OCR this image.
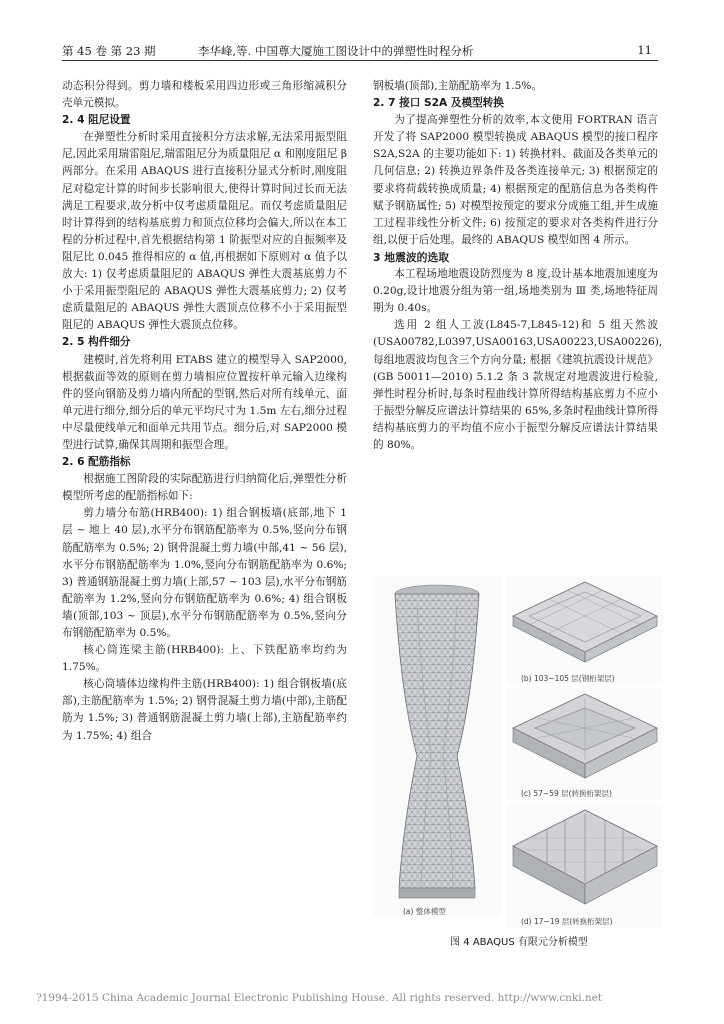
第 45 卷 第 23 期	李华峰,等. 中国尊大厦施工图设计中的弹塑性时程分析	11

动态积分得到。剪力墙和楼板采用四边形或三角形缩减积分壳单元模拟。

2. 4 阻尼设置

在弹塑性分析时采用直接积分方法求解,无法采用振型阻尼,因此采用瑞雷阻尼,瑞雷阻尼分为质量阻尼 α 和刚度阻尼 β 两部分。在采用 ABAQUS 进行直接积分显式分析时,刚度阻尼对稳定计算的时间步长影响很大,使得计算时间过长而无法满足工程要求,故分析中仅考虑质量阻尼。而仅考虑质量阻尼时计算得到的结构基底剪力和顶点位移均会偏大,所以在本工程的分析过程中,首先根据结构第 1 阶振型对应的自振频率及阻尼比 0.045 推得相应的 α 值,再根据如下原则对 α 值予以放大: 1) 仅考虑质量阻尼的 ABAQUS 弹性大震基底剪力不小于采用振型阻尼的 ABAQUS 弹性大震基底剪力; 2) 仅考虑质量阻尼的 ABAQUS 弹性大震顶点位移不小于采用振型阻尼的 ABAQUS 弹性大震顶点位移。

2. 5 构件细分

建模时,首先将利用 ETABS 建立的模型导入 SAP2000,根据截面等效的原则在剪力墙相应位置按杆单元输入边缘构件的竖向钢筋及剪力墙内所配的型钢,然后对所有线单元、面单元进行细分,细分后的单元平均尺寸为 1.5m 左右,细分过程中尽量使线单元和面单元共用节点。细分后,对 SAP2000 模型进行试算,确保其周期和振型合理。

2. 6 配筋指标

根据施工图阶段的实际配筋进行归纳简化后,弹塑性分析模型所考虑的配筋指标如下:

剪力墙分布筋(HRB400): 1) 组合钢板墙(底部,地下 1 层 ~ 地上 40 层),水平分布钢筋配筋率为 0.5%,竖向分布钢筋配筋率为 0.5%; 2) 钢骨混凝土剪力墙(中部,41 ~ 56 层),水平分布钢筋配筋率为 1.0%,竖向分布钢筋配筋率为 0.6%; 3) 普通钢筋混凝土剪力墙(上部,57 ~ 103 层),水平分布钢筋配筋率为 1.2%,竖向分布钢筋配筋率为 0.6%; 4) 组合钢板墙(顶部,103 ~ 顶层),水平分布钢筋配筋率为 0.5%,竖向分布钢筋配筋率为 0.5%。

核心筒连梁主筋(HRB400): 上、下铁配筋率均约为 1.75%。

核心筒墙体边缘构件主筋(HRB400): 1) 组合钢板墙(底部),主筋配筋率为 1.5%; 2) 钢骨混凝土剪力墙(中部),主筋配筋为 1.5%; 3) 普通钢筋混凝土剪力墙(上部),主筋配筋率约为 1.75%; 4) 组合

钢板墙(顶部),主筋配筋率为 1.5%。

2. 7 接口 S2A 及模型转换

为了提高弹塑性分析的效率,本文使用 FORTRAN 语言开发了将 SAP2000 模型转换成 ABAQUS 模型的接口程序 S2A,S2A 的主要功能如下: 1) 转换材料、截面及各类单元的几何信息; 2) 转换边界条件及各类连接单元; 3) 根据预定的要求将荷载转换成质量; 4) 根据预定的配筋信息为各类构件赋予钢筋属性; 5) 对模型按预定的要求分成施工组,并生成施工过程非线性分析文件; 6) 按预定的要求对各类构件进行分组,以便于后处理。最终的 ABAQUS 模型如图 4 所示。

3 地震波的选取

本工程场地地震设防烈度为 8 度,设计基本地震加速度为 0.20g,设计地震分组为第一组,场地类别为 Ⅲ 类,场地特征周期为 0.40s。

选用 2 组人工波(L845-7,L845-12)和 5 组天然波(USA00782,L0397,USA00163,USA00223,USA00226),每组地震波均包含三个方向分量; 根据《建筑抗震设计规范》(GB 50011—2010) 5.1.2 条 3 款规定对地震波进行检验,弹性时程分析时,每条时程曲线计算所得结构基底剪力不应小于振型分解反应谱法计算结果的 65%,多条时程曲线计算所得结构基底剪力的平均值不应小于振型分解反应谱法计算结果的 80%。

(a) 整体模型
(b) 103~105 层(钢桁架层)
(c) 57~59 层(转换桁架层)
(d) 17~19 层(转换桁架层)
图 4 ABAQUS 有限元分析模型
?1994-2015 China Academic Journal Electronic Publishing House. All rights reserved. http://www.cnki.net
